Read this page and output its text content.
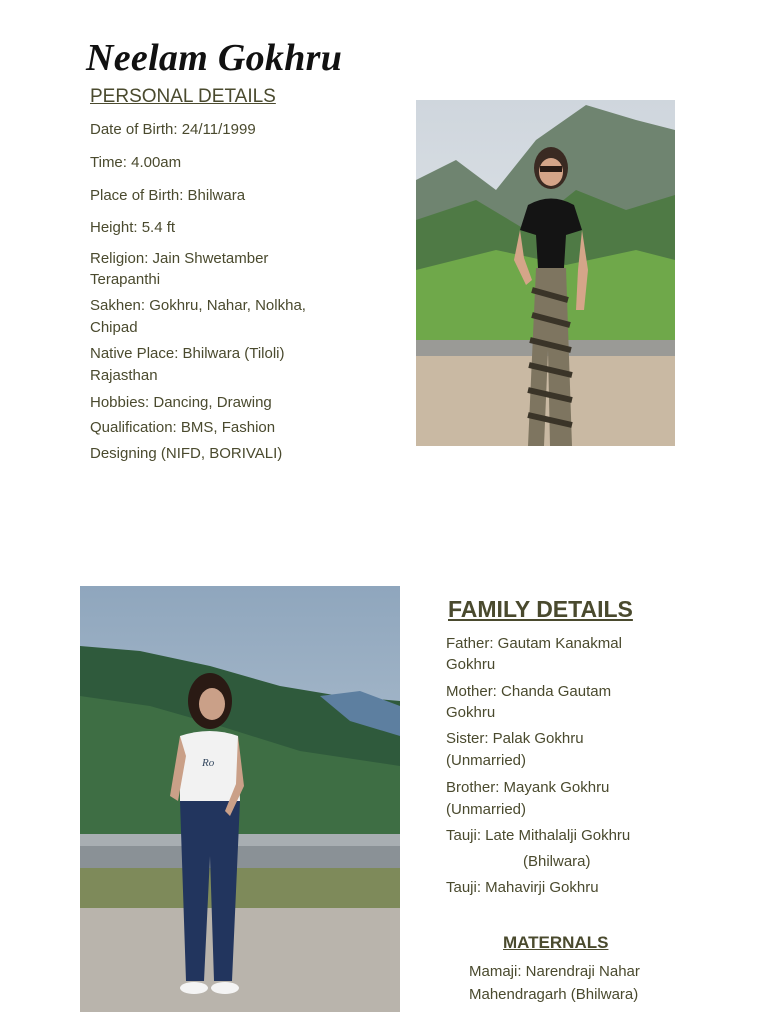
Neelam Gokhru
PERSONAL DETAILS
Date of Birth: 24/11/1999
Time: 4.00am
Place of Birth: Bhilwara
Height: 5.4 ft
Religion: Jain Shwetamber
Terapanthi
Sakhen: Gokhru, Nahar, Nolkha,
Chipad
Native Place: Bhilwara (Tiloli)
Rajasthan
Hobbies: Dancing, Drawing
Qualification: BMS, Fashion
Designing (NIFD, BORIVALI)
Ro
FAMILY DETAILS
Father: Gautam Kanakmal
Gokhru
Mother: Chanda Gautam
Gokhru
Sister: Palak Gokhru
(Unmarried)
Brother: Mayank Gokhru
(Unmarried)
Tauji: Late Mithalalji Gokhru
(Bhilwara)
Tauji: Mahavirji Gokhru
MATERNALS
Mamaji: Narendraji Nahar
Mahendragarh (Bhilwara)
